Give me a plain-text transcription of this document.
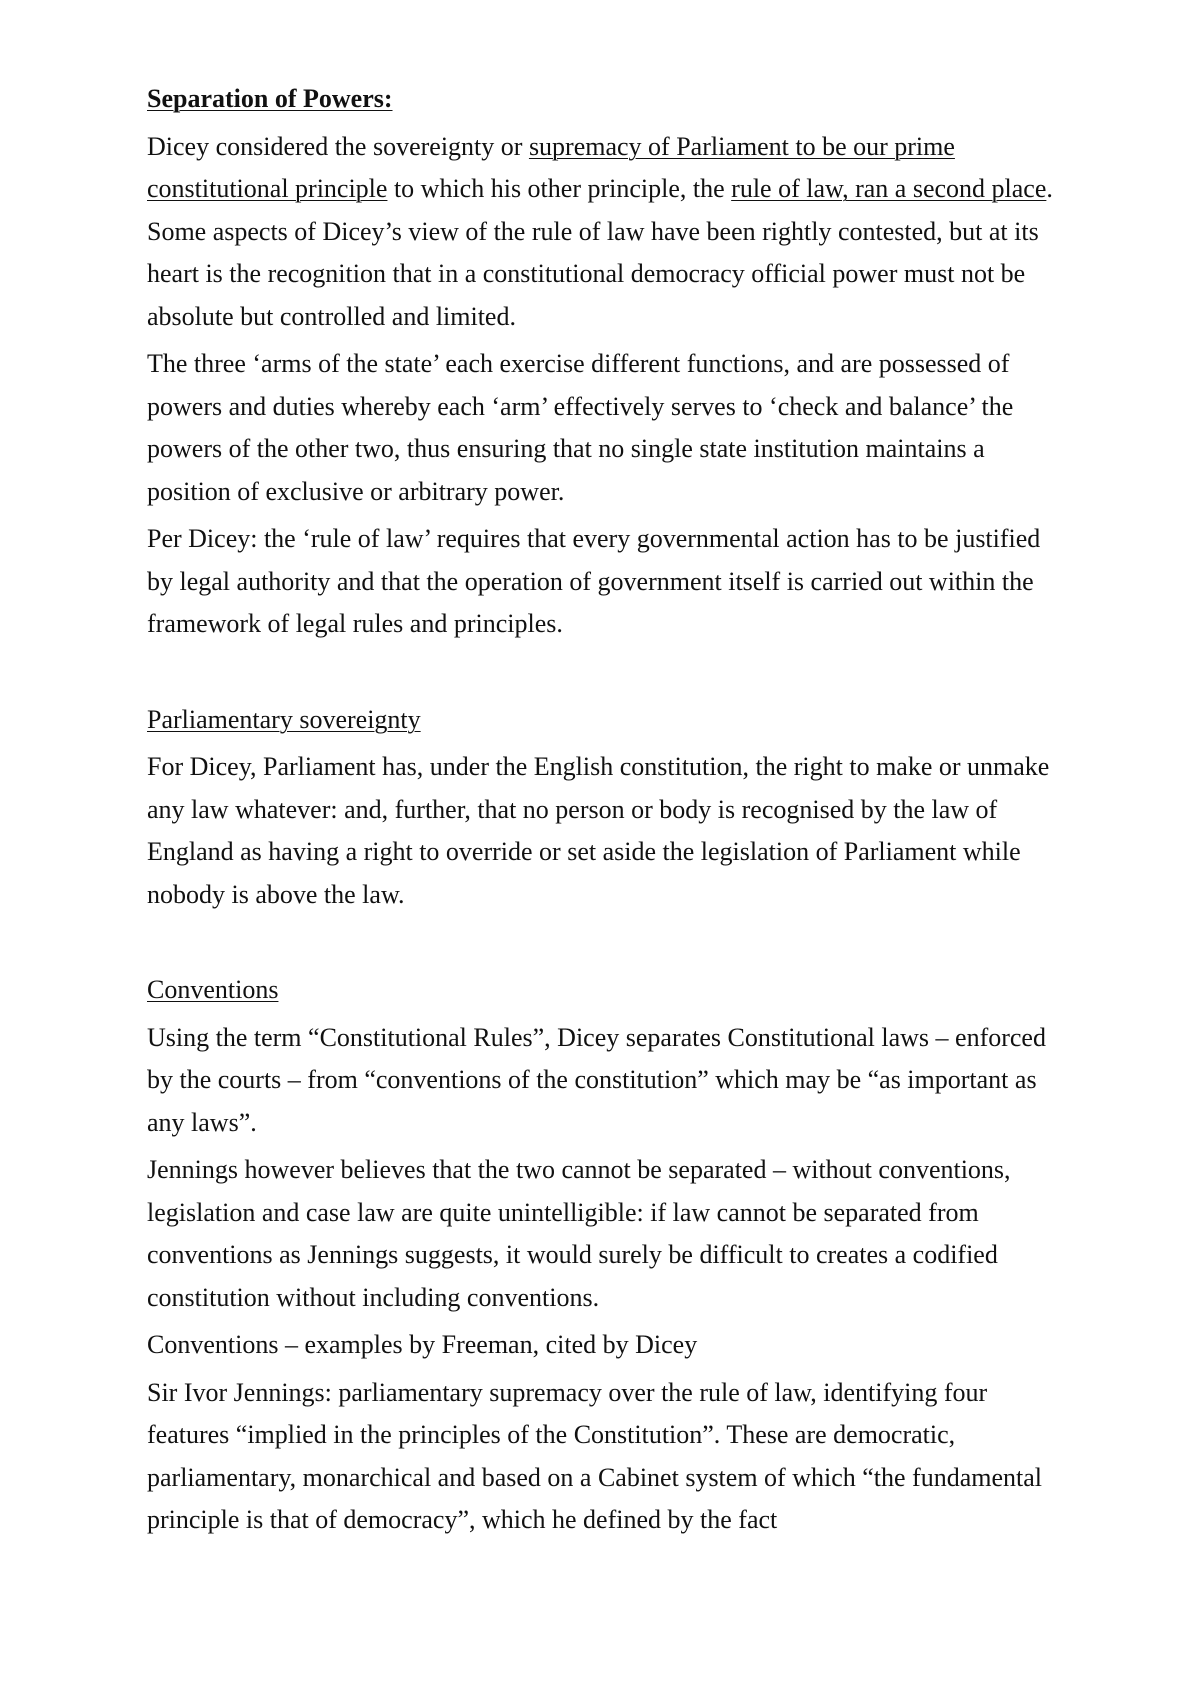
Separation of Powers:

Dicey considered the sovereignty or supremacy of Parliament to be our prime constitutional principle to which his other principle, the rule of law, ran a second place. Some aspects of Dicey’s view of the rule of law have been rightly contested, but at its heart is the recognition that in a constitutional democracy official power must not be absolute but controlled and limited.

The three ‘arms of the state’ each exercise different functions, and are possessed of powers and duties whereby each ‘arm’ effectively serves to ‘check and balance’ the powers of the other two, thus ensuring that no single state institution maintains a position of exclusive or arbitrary power.

Per Dicey: the ‘rule of law’ requires that every governmental action has to be justified by legal authority and that the operation of government itself is carried out within the framework of legal rules and principles.

Parliamentary sovereignty

For Dicey, Parliament has, under the English constitution, the right to make or unmake any law whatever: and, further, that no person or body is recognised by the law of England as having a right to override or set aside the legislation of Parliament while nobody is above the law.

Conventions

Using the term “Constitutional Rules”, Dicey separates Constitutional laws – enforced by the courts – from “conventions of the constitution” which may be “as important as any laws”.

Jennings however believes that the two cannot be separated – without conventions, legislation and case law are quite unintelligible: if law cannot be separated from conventions as Jennings suggests, it would surely be difficult to creates a codified constitution without including conventions.

Conventions – examples by Freeman, cited by Dicey

Sir Ivor Jennings: parliamentary supremacy over the rule of law, identifying four features “implied in the principles of the Constitution”. These are democratic, parliamentary, monarchical and based on a Cabinet system of which “the fundamental principle is that of democracy”, which he defined by the fact
